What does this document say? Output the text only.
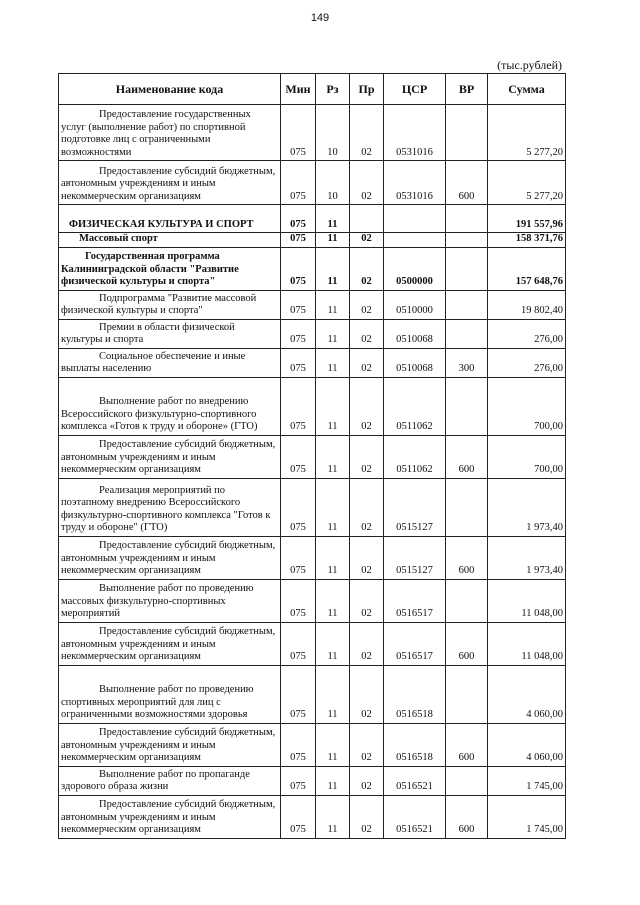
149
(тыс.рублей)
Наименование кода	Мин	Рз	Пр	ЦСР	ВР	Сумма

Предоставление государственных услуг (выполнение работ) по спортивной подготовке лиц с ограниченными возможностями	075	10	02	0531016		5 277,20

Предоставление субсидий бюджетным, автономным учреждениям и иным некоммерческим организациям	075	10	02	0531016	600	5 277,20

ФИЗИЧЕСКАЯ КУЛЬТУРА И СПОРТ	075	11				191 557,96

Массовый спорт	075	11	02			158 371,76

Государственная программа Калининградской области "Развитие физической культуры и спорта"	075	11	02	0500000		157 648,76

Подпрограмма "Развитие массовой физической культуры и спорта"	075	11	02	0510000		19 802,40

Премии в области физической культуры и спорта	075	11	02	0510068		276,00

Социальное обеспечение и иные выплаты населению	075	11	02	0510068	300	276,00

Выполнение работ по внедрению Всероссийского физкультурно-спортивного комплекса «Готов к труду и обороне» (ГТО)	075	11	02	0511062		700,00

Предоставление субсидий бюджетным, автономным учреждениям и иным некоммерческим организациям	075	11	02	0511062	600	700,00

Реализация мероприятий по поэтапному внедрению Всероссийского физкультурно-спортивного комплекса "Готов к труду и обороне" (ГТО)	075	11	02	0515127		1 973,40

Предоставление субсидий бюджетным, автономным учреждениям и иным некоммерческим организациям	075	11	02	0515127	600	1 973,40

Выполнение работ по проведению массовых физкультурно-спортивных мероприятий	075	11	02	0516517		11 048,00

Предоставление субсидий бюджетным, автономным учреждениям и иным некоммерческим организациям	075	11	02	0516517	600	11 048,00

Выполнение работ по проведению спортивных мероприятий для лиц с ограниченными возможностями здоровья	075	11	02	0516518		4 060,00

Предоставление субсидий бюджетным, автономным учреждениям и иным некоммерческим организациям	075	11	02	0516518	600	4 060,00

Выполнение работ по пропаганде здорового образа жизни	075	11	02	0516521		1 745,00

Предоставление субсидий бюджетным, автономным учреждениям и иным некоммерческим организациям	075	11	02	0516521	600	1 745,00
